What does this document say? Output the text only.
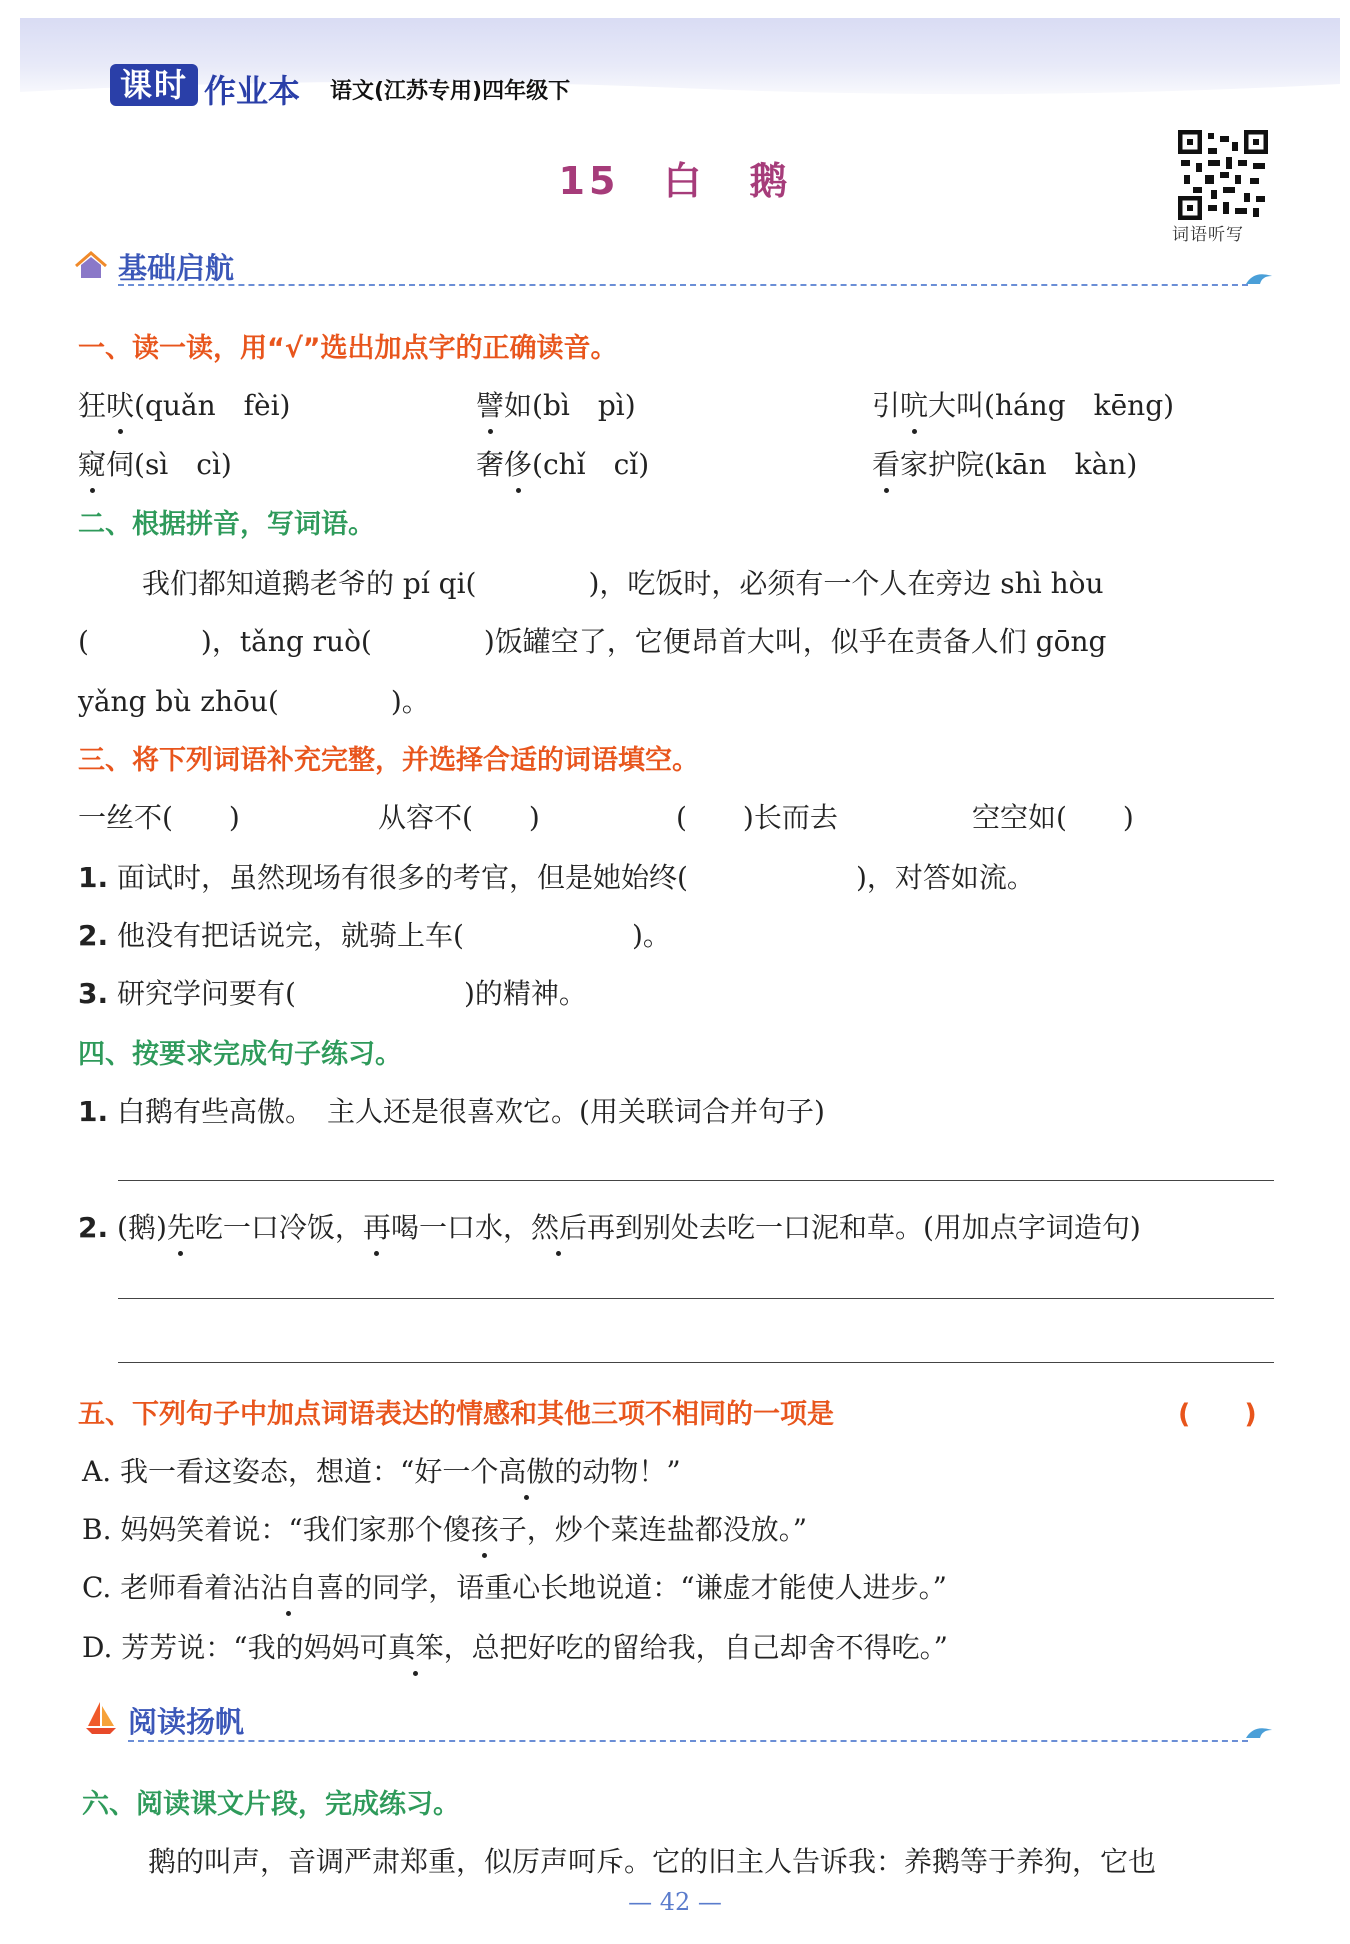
课时 作业本 语文(江苏专用)四年级下
15 白 鹅
词语听写
基础启航
一、读一读，用“√”选出加点字的正确读音。
狂吠(quǎn　fèi)	譬如(bì　pì)	引吭大叫(háng　kēng)
窥伺(sì　cì)	奢侈(chǐ　cǐ)	看家护院(kān　kàn)
二、根据拼音，写词语。
我们都知道鹅老爷的 pí qi(　　　　)，吃饭时，必须有一个人在旁边 shì hòu
(　　　　)，tǎng ruò(　　　　)饭罐空了，它便昂首大叫，似乎在责备人们 gōng
yǎng bù zhōu(　　　　)。
三、将下列词语补充完整，并选择合适的词语填空。
一丝不(　　)	从容不(　　)	(　　)长而去	空空如(　　)
1. 面试时，虽然现场有很多的考官，但是她始终(　　　　　　)，对答如流。
2. 他没有把话说完，就骑上车(　　　　　　)。
3. 研究学问要有(　　　　　　)的精神。
四、按要求完成句子练习。
1. 白鹅有些高傲。　主人还是很喜欢它。(用关联词合并句子)
2. (鹅)先吃一口冷饭，再喝一口水，然后再到别处去吃一口泥和草。(用加点字词造句)
五、下列句子中加点词语表达的情感和其他三项不相同的一项是	(　　)
A. 我一看这姿态，想道：“好一个高傲的动物！”
B. 妈妈笑着说：“我们家那个傻孩子，炒个菜连盐都没放。”
C. 老师看着沾沾自喜的同学，语重心长地说道：“谦虚才能使人进步。”
D. 芳芳说：“我的妈妈可真笨，总把好吃的留给我，自己却舍不得吃。”
阅读扬帆
六、阅读课文片段，完成练习。
鹅的叫声，音调严肃郑重，似厉声呵斥。它的旧主人告诉我：养鹅等于养狗，它也
— 42 —
